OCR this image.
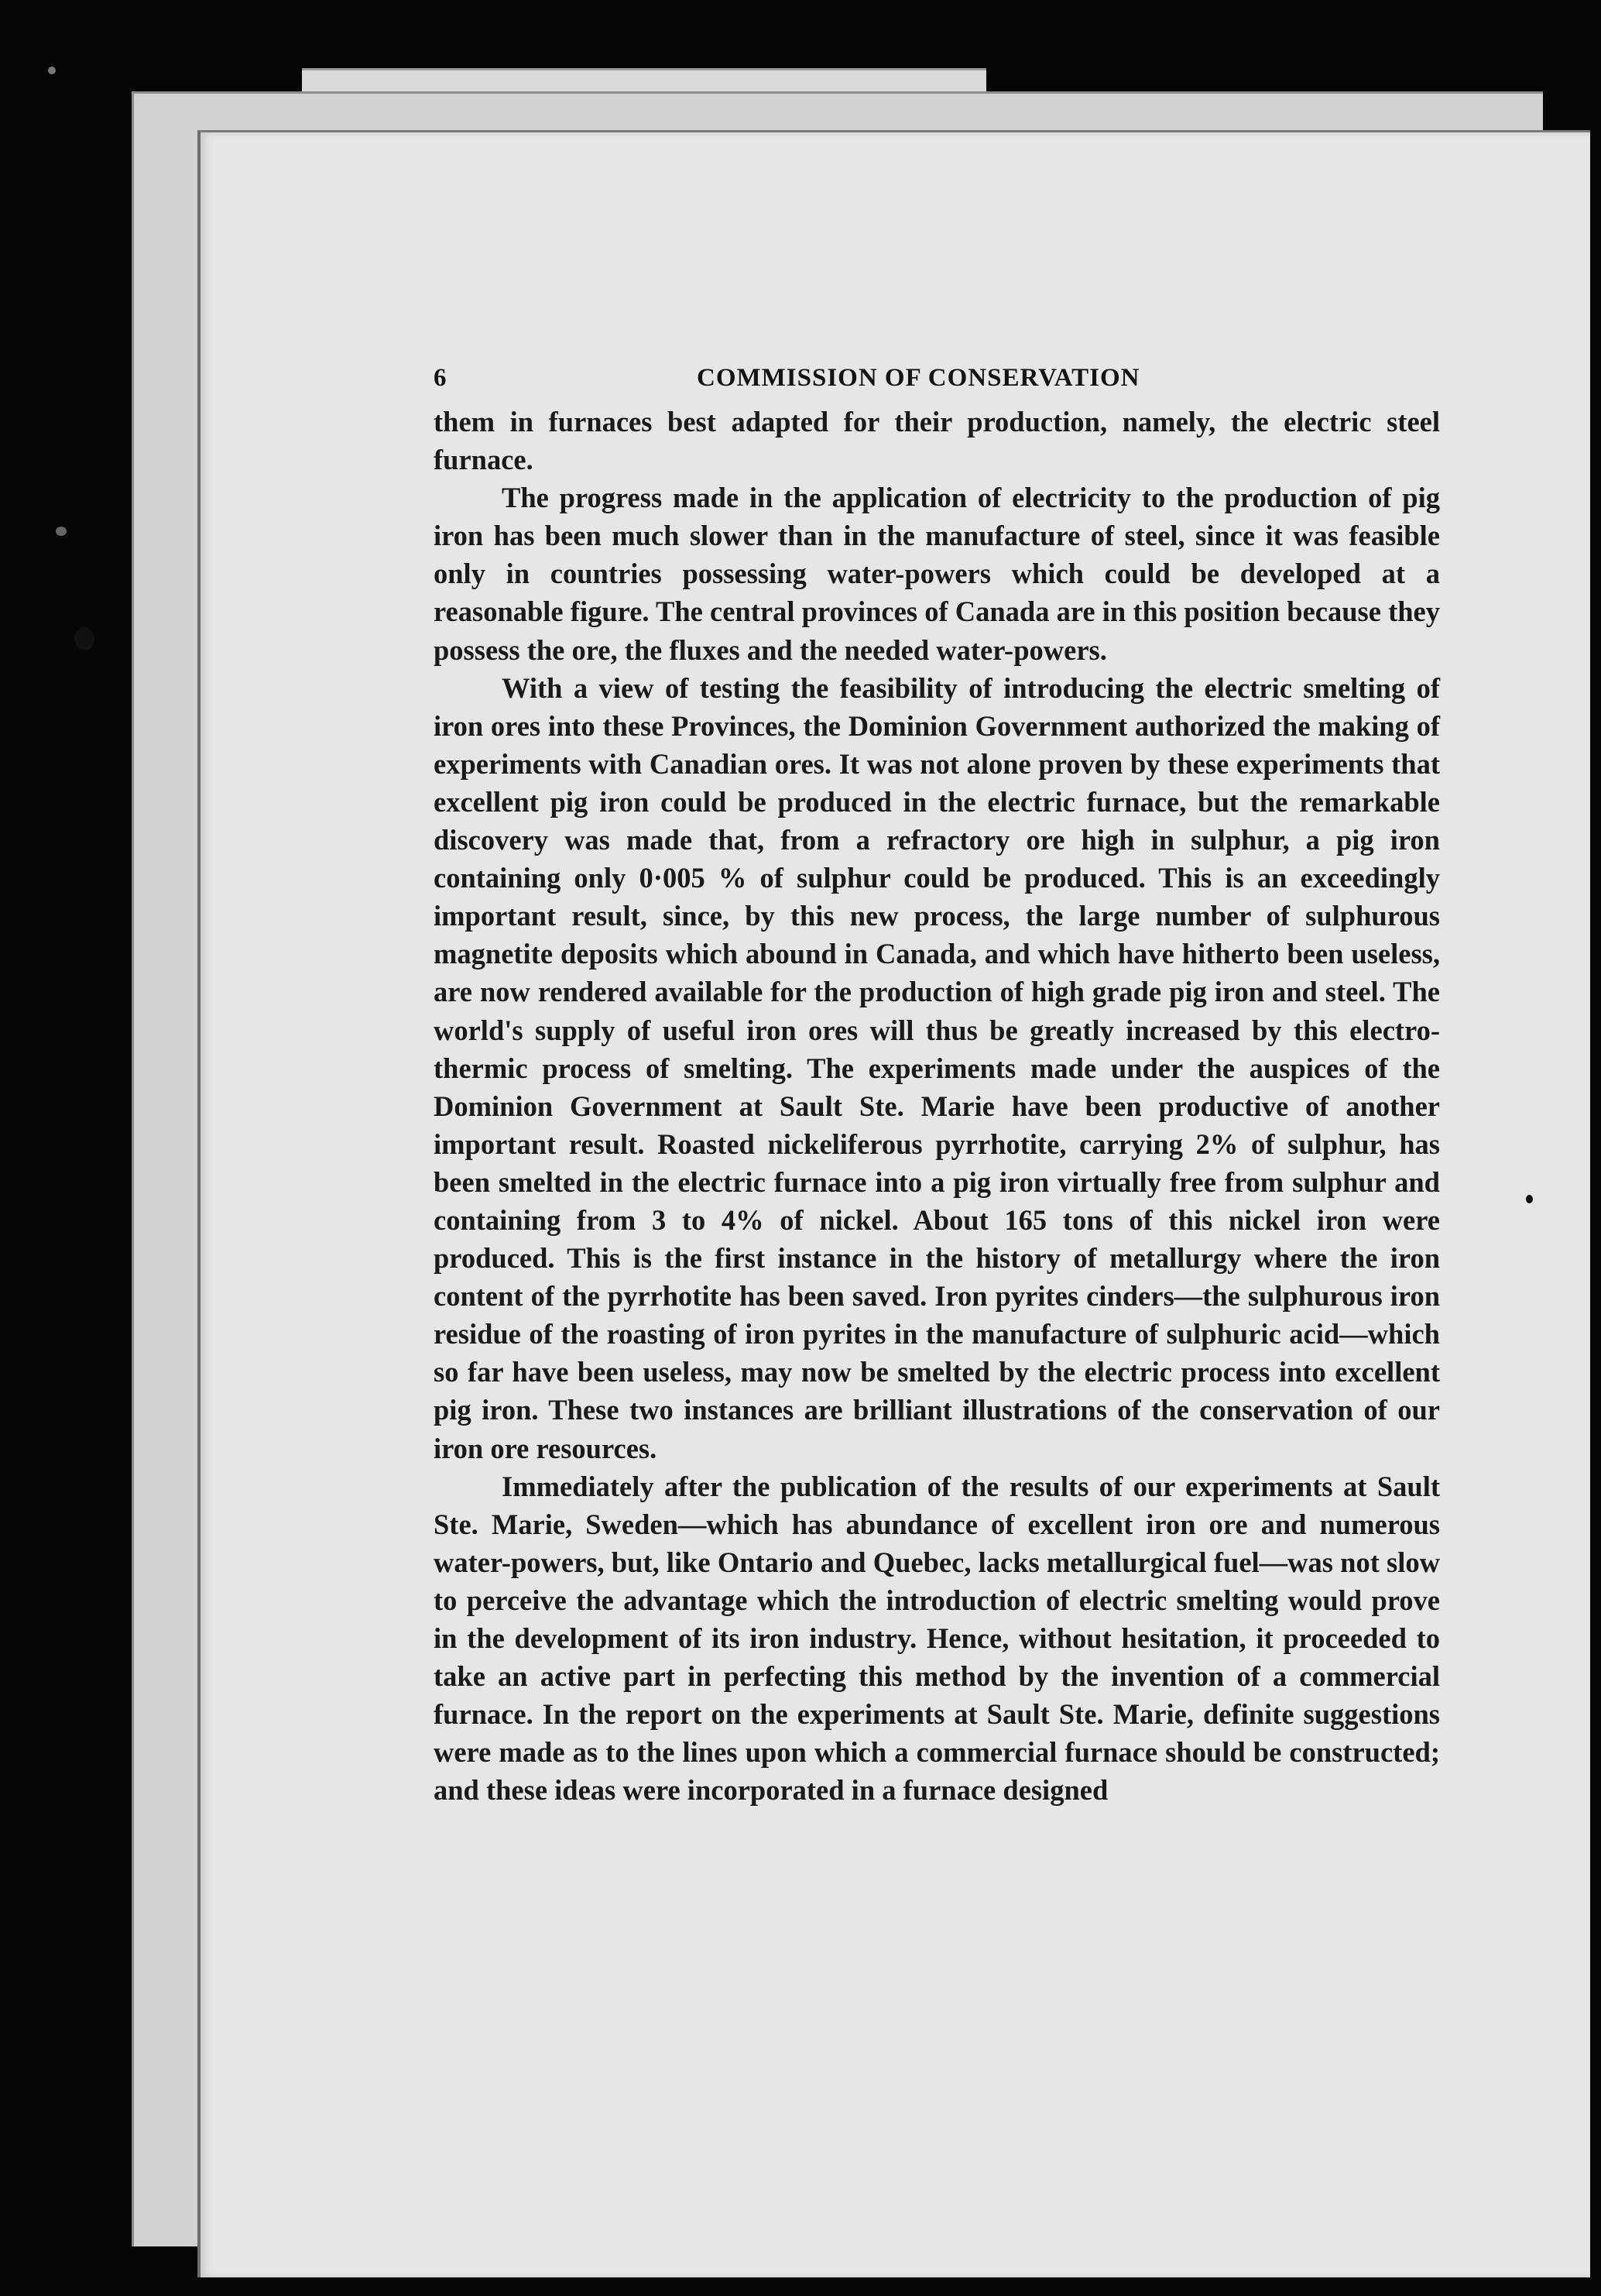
6	COMMISSION OF CONSERVATION

them in furnaces best adapted for their production, namely, the electric steel furnace.

The progress made in the application of electricity to the production of pig iron has been much slower than in the manufacture of steel, since it was feasible only in countries possessing water-powers which could be developed at a reasonable figure. The central provinces of Canada are in this position because they possess the ore, the fluxes and the needed water-powers.

With a view of testing the feasibility of introducing the electric smelting of iron ores into these Provinces, the Dominion Government authorized the making of experiments with Canadian ores. It was not alone proven by these experiments that excellent pig iron could be produced in the electric furnace, but the remarkable discovery was made that, from a refractory ore high in sulphur, a pig iron containing only 0·005 % of sulphur could be produced. This is an exceedingly important result, since, by this new process, the large number of sulphurous magnetite deposits which abound in Canada, and which have hitherto been useless, are now rendered available for the production of high grade pig iron and steel. The world's supply of useful iron ores will thus be greatly increased by this electro-thermic process of smelting. The experiments made under the auspices of the Dominion Government at Sault Ste. Marie have been productive of another important result. Roasted nickeliferous pyrrhotite, carrying 2% of sulphur, has been smelted in the electric furnace into a pig iron virtually free from sulphur and containing from 3 to 4% of nickel. About 165 tons of this nickel iron were produced. This is the first instance in the history of metallurgy where the iron content of the pyrrhotite has been saved. Iron pyrites cinders—the sulphurous iron residue of the roasting of iron pyrites in the manufacture of sulphuric acid—which so far have been useless, may now be smelted by the electric process into excellent pig iron. These two instances are brilliant illustrations of the conservation of our iron ore resources.

Immediately after the publication of the results of our experiments at Sault Ste. Marie, Sweden—which has abundance of excellent iron ore and numerous water-powers, but, like Ontario and Quebec, lacks metallurgical fuel—was not slow to perceive the advantage which the introduction of electric smelting would prove in the development of its iron industry. Hence, without hesitation, it proceeded to take an active part in perfecting this method by the invention of a commercial furnace. In the report on the experiments at Sault Ste. Marie, definite suggestions were made as to the lines upon which a commercial furnace should be constructed; and these ideas were incorporated in a furnace designed
